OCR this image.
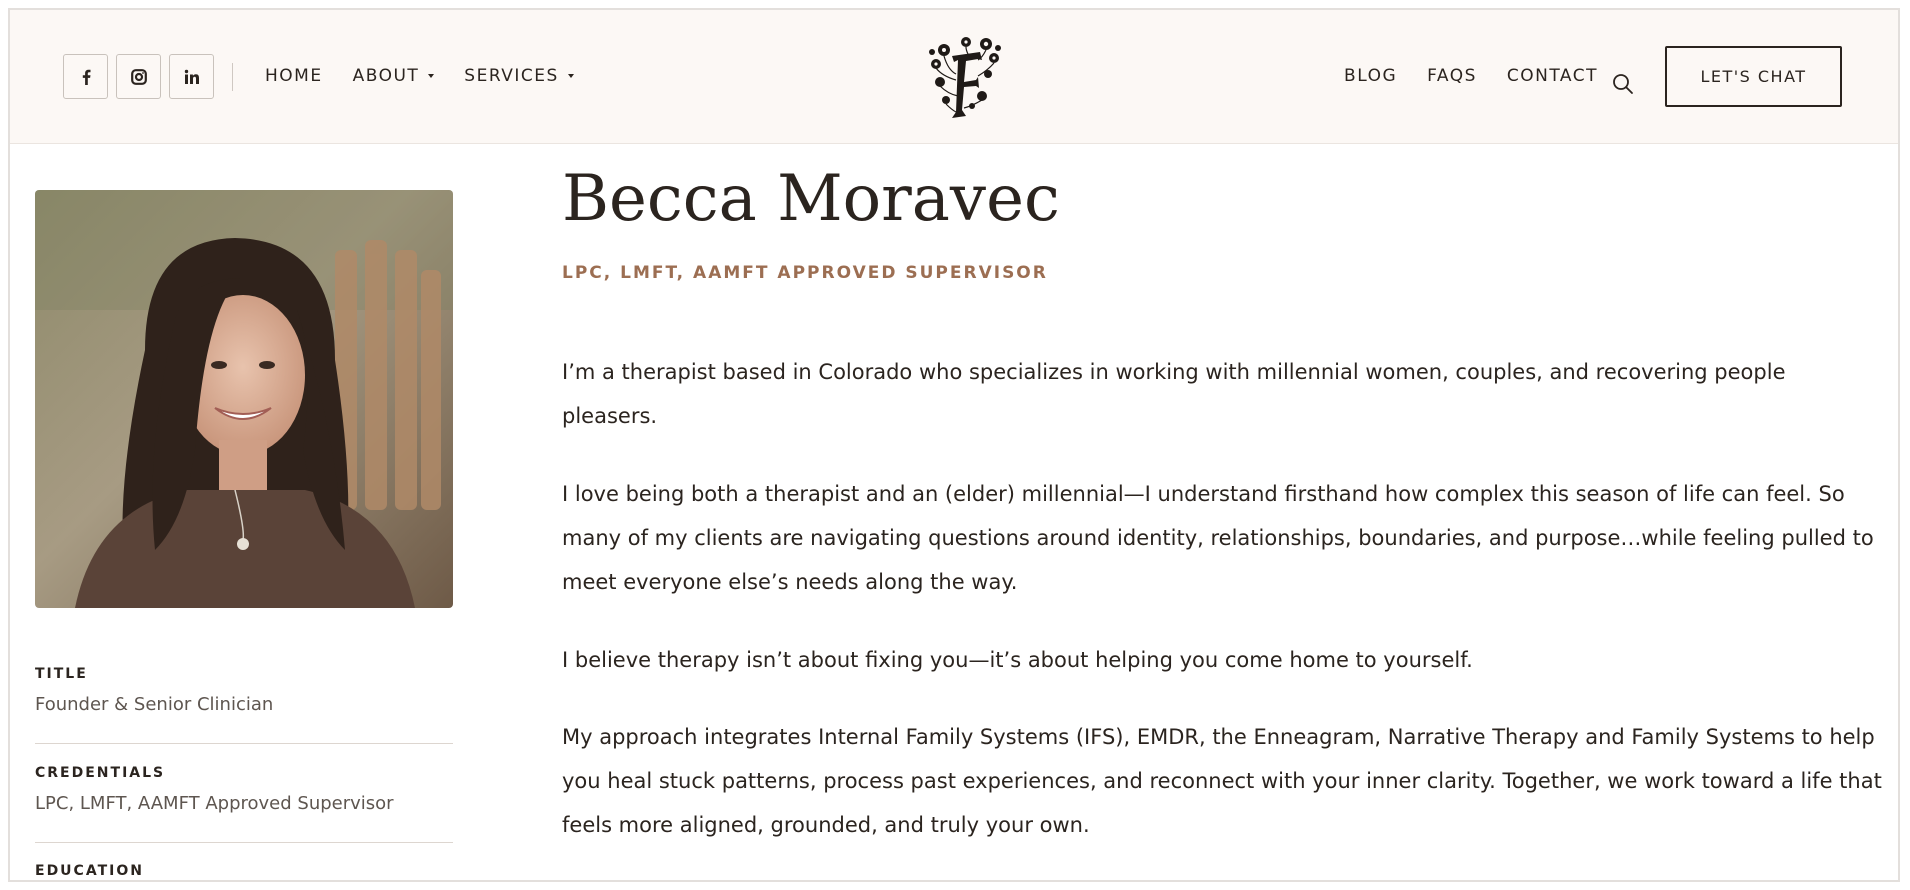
HOME ABOUT	SERVICES	BLOG FAQS CONTACT	LET'S CHAT
TITLE
Founder & Senior Clinician
CREDENTIALS
LPC, LMFT, AAMFT Approved Supervisor
EDUCATION
Becca Moravec
LPC, LMFT, AAMFT APPROVED SUPERVISOR

I’m a therapist based in Colorado who specializes in working with millennial women, couples, and recovering people pleasers.

I love being both a therapist and an (elder) millennial—I understand firsthand how complex this season of life can feel. So many of my clients are navigating questions around identity, relationships, boundaries, and purpose…while feeling pulled to meet everyone else’s needs along the way.

I believe therapy isn’t about fixing you—it’s about helping you come home to yourself.

My approach integrates Internal Family Systems (IFS), EMDR, the Enneagram, Narrative Therapy and Family Systems to help you heal stuck patterns, process past experiences, and reconnect with your inner clarity. Together, we work toward a life that feels more aligned, grounded, and truly your own.
